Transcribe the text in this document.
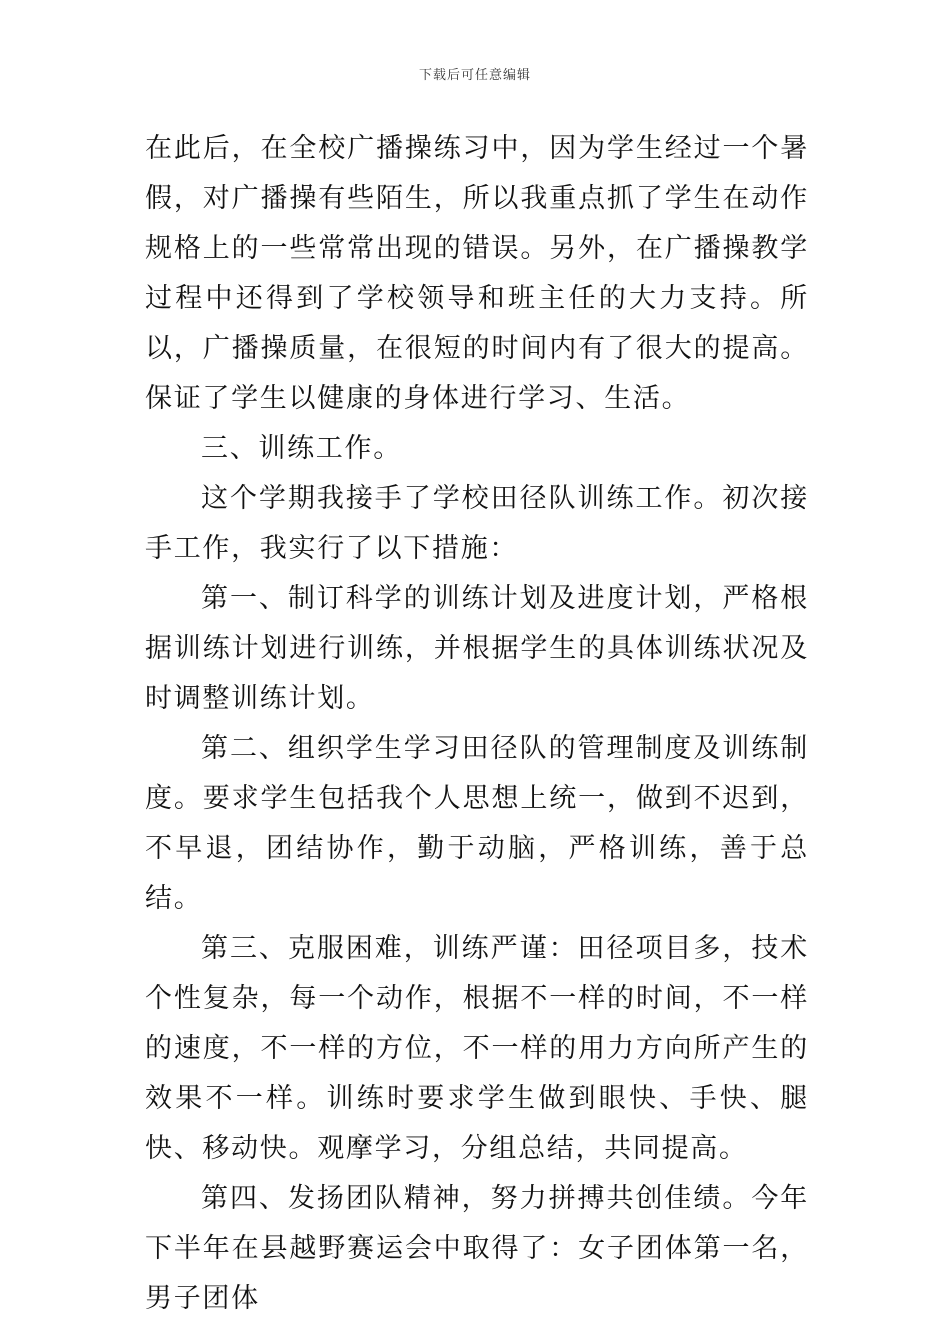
下载后可任意编辑

在此后，在全校广播操练习中，因为学生经过一个暑假，对广播操有些陌生，所以我重点抓了学生在动作规格上的一些常常出现的错误。另外，在广播操教学过程中还得到了学校领导和班主任的大力支持。所以，广播操质量，在很短的时间内有了很大的提高。保证了学生以健康的身体进行学习、生活。

三、训练工作。

这个学期我接手了学校田径队训练工作。初次接手工作，我实行了以下措施：

第一、制订科学的训练计划及进度计划，严格根据训练计划进行训练，并根据学生的具体训练状况及时调整训练计划。

第二、组织学生学习田径队的管理制度及训练制度。要求学生包括我个人思想上统一，做到不迟到，不早退，团结协作，勤于动脑，严格训练，善于总结。

第三、克服困难，训练严谨：田径项目多，技术个性复杂，每一个动作，根据不一样的时间，不一样的速度，不一样的方位，不一样的用力方向所产生的效果不一样。训练时要求学生做到眼快、手快、腿快、移动快。观摩学习，分组总结，共同提高。

第四、发扬团队精神，努力拼搏共创佳绩。今年下半年在县越野赛运会中取得了：女子团体第一名，男子团体
